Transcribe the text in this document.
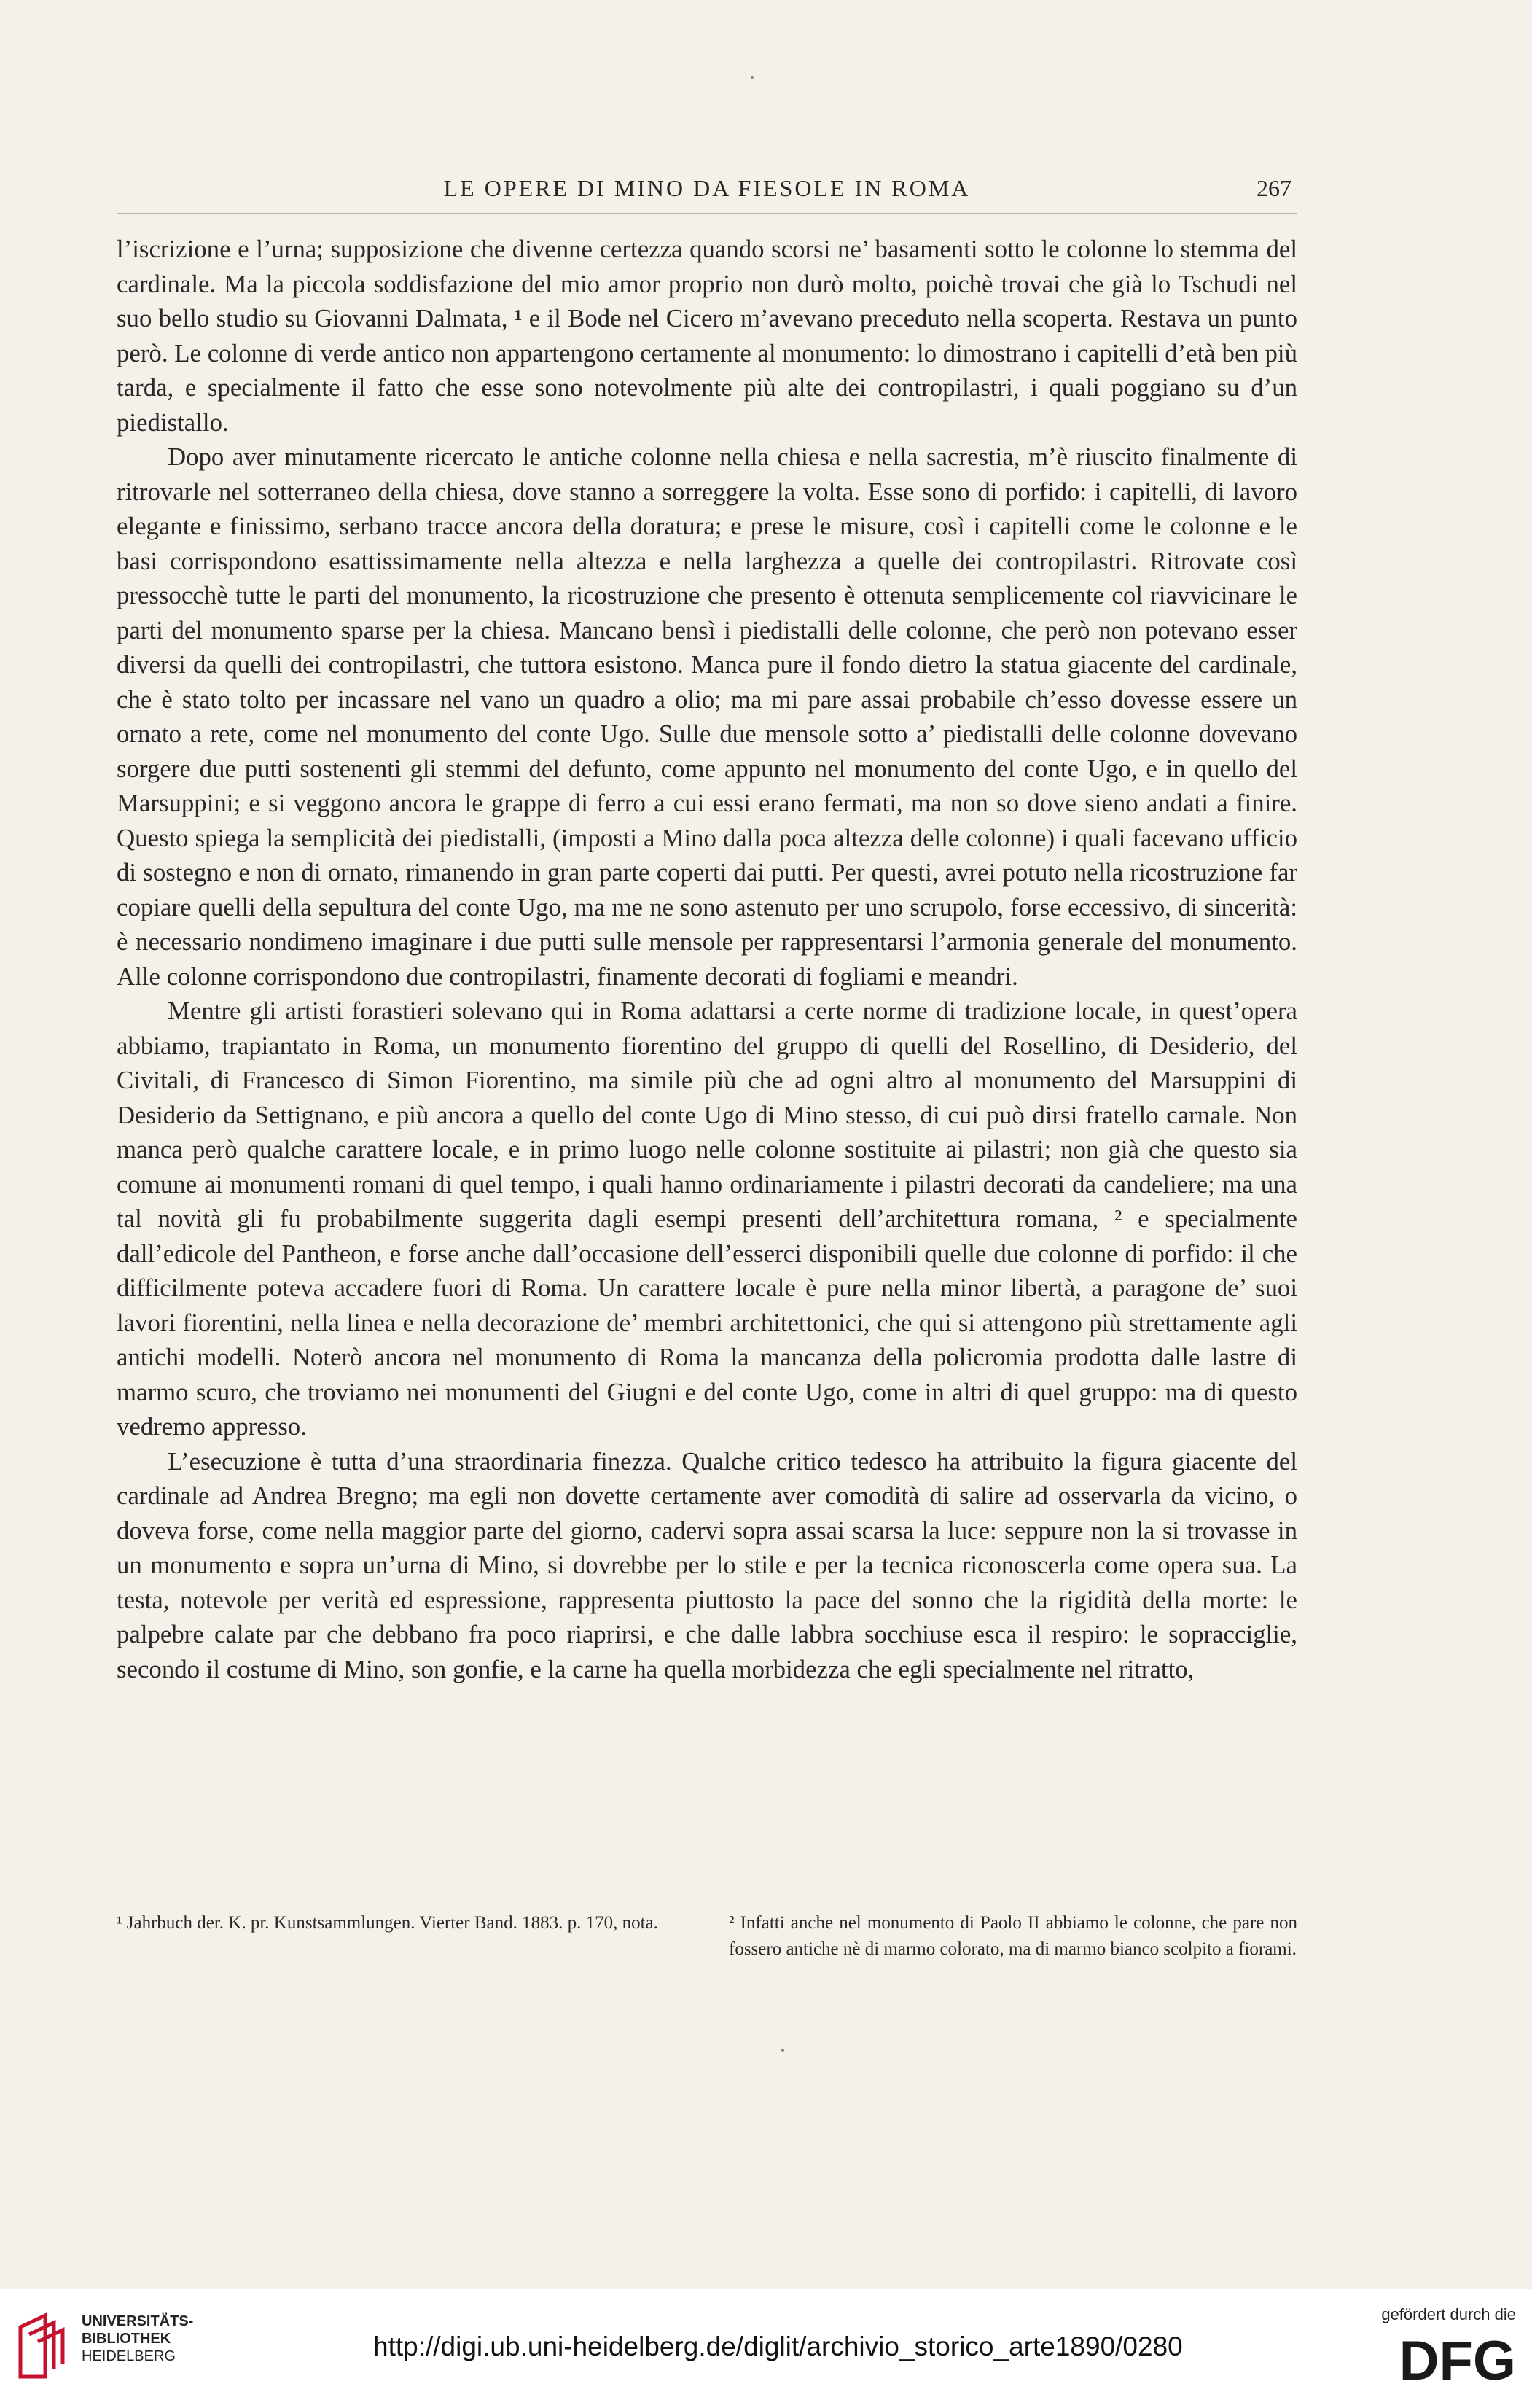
LE OPERE DI MINO DA FIESOLE IN ROMA	267

l’iscrizione e l’urna; supposizione che divenne certezza quando scorsi ne’ basamenti sotto le colonne lo stemma del cardinale. Ma la piccola soddisfazione del mio amor proprio non durò molto, poichè trovai che già lo Tschudi nel suo bello studio su Giovanni Dalmata, ¹ e il Bode nel Cicero m’avevano preceduto nella scoperta. Restava un punto però. Le colonne di verde antico non appartengono certamente al monumento: lo dimostrano i capitelli d’età ben più tarda, e specialmente il fatto che esse sono notevolmente più alte dei contropilastri, i quali poggiano su d’un piedistallo.

Dopo aver minutamente ricercato le antiche colonne nella chiesa e nella sacrestia, m’è riuscito finalmente di ritrovarle nel sotterraneo della chiesa, dove stanno a sorreggere la volta. Esse sono di porfido: i capitelli, di lavoro elegante e finissimo, serbano tracce ancora della doratura; e prese le misure, così i capitelli come le colonne e le basi corrispondono esattissimamente nella altezza e nella larghezza a quelle dei contropilastri. Ritrovate così pressocchè tutte le parti del monumento, la ricostruzione che presento è ottenuta semplicemente col riavvicinare le parti del monumento sparse per la chiesa. Mancano bensì i piedistalli delle colonne, che però non potevano esser diversi da quelli dei contropilastri, che tuttora esistono. Manca pure il fondo dietro la statua giacente del cardinale, che è stato tolto per incassare nel vano un quadro a olio; ma mi pare assai probabile ch’esso dovesse essere un ornato a rete, come nel monumento del conte Ugo. Sulle due mensole sotto a’ piedistalli delle colonne dovevano sorgere due putti sostenenti gli stemmi del defunto, come appunto nel monumento del conte Ugo, e in quello del Marsuppini; e si veggono ancora le grappe di ferro a cui essi erano fermati, ma non so dove sieno andati a finire. Questo spiega la semplicità dei piedistalli, (imposti a Mino dalla poca altezza delle colonne) i quali facevano ufficio di sostegno e non di ornato, rimanendo in gran parte coperti dai putti. Per questi, avrei potuto nella ricostruzione far copiare quelli della sepultura del conte Ugo, ma me ne sono astenuto per uno scrupolo, forse eccessivo, di sincerità: è necessario nondimeno imaginare i due putti sulle mensole per rappresentarsi l’armonia generale del monumento. Alle colonne corrispondono due contropilastri, finamente decorati di fogliami e meandri.

Mentre gli artisti forastieri solevano qui in Roma adattarsi a certe norme di tradizione locale, in quest’opera abbiamo, trapiantato in Roma, un monumento fiorentino del gruppo di quelli del Rosellino, di Desiderio, del Civitali, di Francesco di Simon Fiorentino, ma simile più che ad ogni altro al monumento del Marsuppini di Desiderio da Settignano, e più ancora a quello del conte Ugo di Mino stesso, di cui può dirsi fratello carnale. Non manca però qualche carattere locale, e in primo luogo nelle colonne sostituite ai pilastri; non già che questo sia comune ai monumenti romani di quel tempo, i quali hanno ordinariamente i pilastri decorati da candeliere; ma una tal novità gli fu probabilmente suggerita dagli esempi presenti dell’architettura romana, ² e specialmente dall’edicole del Pantheon, e forse anche dall’occasione dell’esserci disponibili quelle due colonne di porfido: il che difficilmente poteva accadere fuori di Roma. Un carattere locale è pure nella minor libertà, a paragone de’ suoi lavori fiorentini, nella linea e nella decorazione de’ membri architettonici, che qui si attengono più strettamente agli antichi modelli. Noterò ancora nel monumento di Roma la mancanza della policromia prodotta dalle lastre di marmo scuro, che troviamo nei monumenti del Giugni e del conte Ugo, come in altri di quel gruppo: ma di questo vedremo appresso.

L’esecuzione è tutta d’una straordinaria finezza. Qualche critico tedesco ha attribuito la figura giacente del cardinale ad Andrea Bregno; ma egli non dovette certamente aver comodità di salire ad osservarla da vicino, o doveva forse, come nella maggior parte del giorno, cadervi sopra assai scarsa la luce: seppure non la si trovasse in un monumento e sopra un’urna di Mino, si dovrebbe per lo stile e per la tecnica riconoscerla come opera sua. La testa, notevole per verità ed espressione, rappresenta piuttosto la pace del sonno che la rigidità della morte: le palpebre calate par che debbano fra poco riaprirsi, e che dalle labbra socchiuse esca il respiro: le sopracciglie, secondo il costume di Mino, son gonfie, e la carne ha quella morbidezza che egli specialmente nel ritratto,

¹ Jahrbuch der. K. pr. Kunstsammlungen. Vierter Band. 1883. p. 170, nota.	² Infatti anche nel monumento di Paolo II abbiamo le colonne, che pare non fossero antiche nè di marmo colorato, ma di marmo bianco scolpito a fiorami.
UNIVERSITÄTS-
BIBLIOTHEK
HEIDELBERG	http://digi.ub.uni-heidelberg.de/diglit/archivio_storico_arte1890/0280
gefördert durch die
DFG
